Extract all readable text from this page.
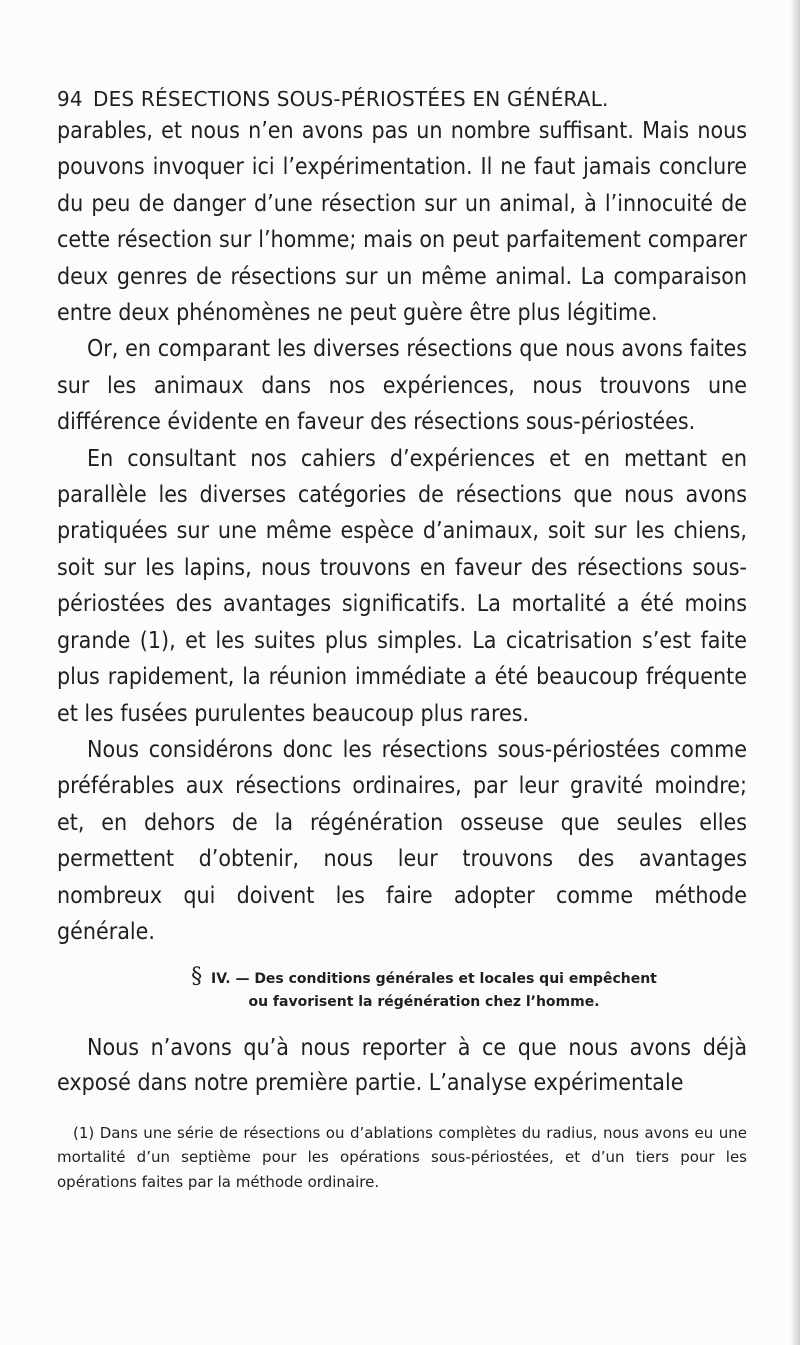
94 DES RÉSECTIONS SOUS-PÉRIOSTÉES EN GÉNÉRAL.

parables, et nous n’en avons pas un nombre suffisant. Mais nous pouvons invoquer ici l’expérimentation. Il ne faut jamais conclure du peu de danger d’une résection sur un animal, à l’innocuité de cette résection sur l’homme; mais on peut parfaitement comparer deux genres de résections sur un même animal. La comparaison entre deux phénomènes ne peut guère être plus légitime.

Or, en comparant les diverses résections que nous avons faites sur les animaux dans nos expériences, nous trouvons une différence évidente en faveur des résections sous-périostées.

En consultant nos cahiers d’expériences et en mettant en parallèle les diverses catégories de résections que nous avons pratiquées sur une même espèce d’animaux, soit sur les chiens, soit sur les lapins, nous trouvons en faveur des résections sous-périostées des avantages significatifs. La mortalité a été moins grande (1), et les suites plus simples. La cicatrisation s’est faite plus rapidement, la réunion immédiate a été beaucoup fréquente et les fusées purulentes beaucoup plus rares.

Nous considérons donc les résections sous-périostées comme préférables aux résections ordinaires, par leur gravité moindre; et, en dehors de la régénération osseuse que seules elles permettent d’obtenir, nous leur trouvons des avantages nombreux qui doivent les faire adopter comme méthode générale.

§ IV. — Des conditions générales et locales qui empêchent
ou favorisent la régénération chez l’homme.

Nous n’avons qu’à nous reporter à ce que nous avons déjà exposé dans notre première partie. L’analyse expérimentale

(1) Dans une série de résections ou d’ablations complètes du radius, nous avons eu une mortalité d’un septième pour les opérations sous-périostées, et d’un tiers pour les opérations faites par la méthode ordinaire.
